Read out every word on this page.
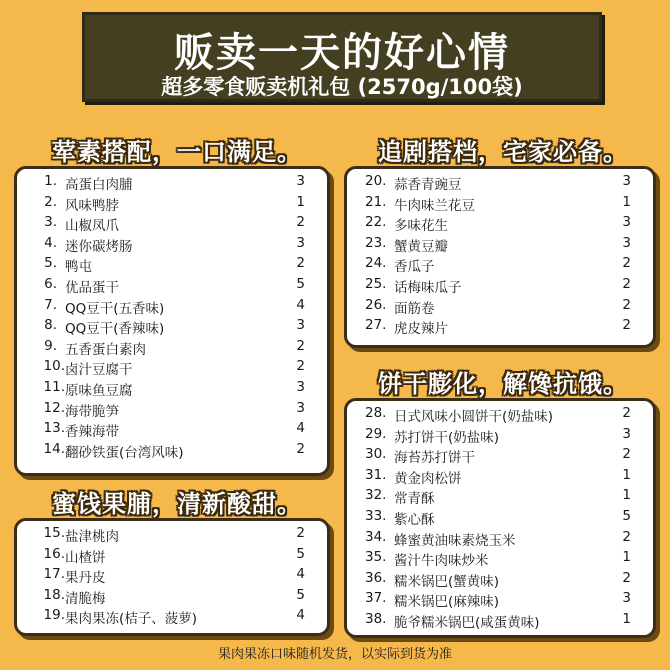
贩卖一天的好心情
超多零食贩卖机礼包 (2570g/100袋)
荤素搭配，一口满足。
1. 高蛋白肉脯	3
2. 风味鸭脖	1
3. 山椒凤爪	2
4. 迷你碳烤肠	3
5. 鸭屯	2
6. 优品蛋干	5
7. QQ豆干(五香味)	4
8. QQ豆干(香辣味)	3
9. 五香蛋白素肉	2
10. 卤汁豆腐干	2
11. 原味鱼豆腐	3
12. 海带脆笋	3
13. 香辣海带	4
14. 翻砂铁蛋(台湾风味)	2
蜜饯果脯，清新酸甜。
15. 盐津桃肉	2
16. 山楂饼	5
17. 果丹皮	4
18. 清脆梅	5
19. 果肉果冻(桔子、菠萝)	4
追剧搭档，宅家必备。
20. 蒜香青豌豆	3
21. 牛肉味兰花豆	1
22. 多味花生	3
23. 蟹黄豆瓣	3
24. 香瓜子	2
25. 话梅味瓜子	2
26. 面筋卷	2
27. 虎皮辣片	2
饼干膨化，解馋抗饿。
28. 日式风味小圆饼干(奶盐味)	2
29. 苏打饼干(奶盐味)	3
30. 海苔苏打饼干	2
31. 黄金肉松饼	1
32. 常青酥	1
33. 紫心酥	5
34. 蜂蜜黄油味素烧玉米	2
35. 酱汁牛肉味炒米	1
36. 糯米锅巴(蟹黄味)	2
37. 糯米锅巴(麻辣味)	3
38. 脆爷糯米锅巴(咸蛋黄味)	1
果肉果冻口味随机发货，以实际到货为准
